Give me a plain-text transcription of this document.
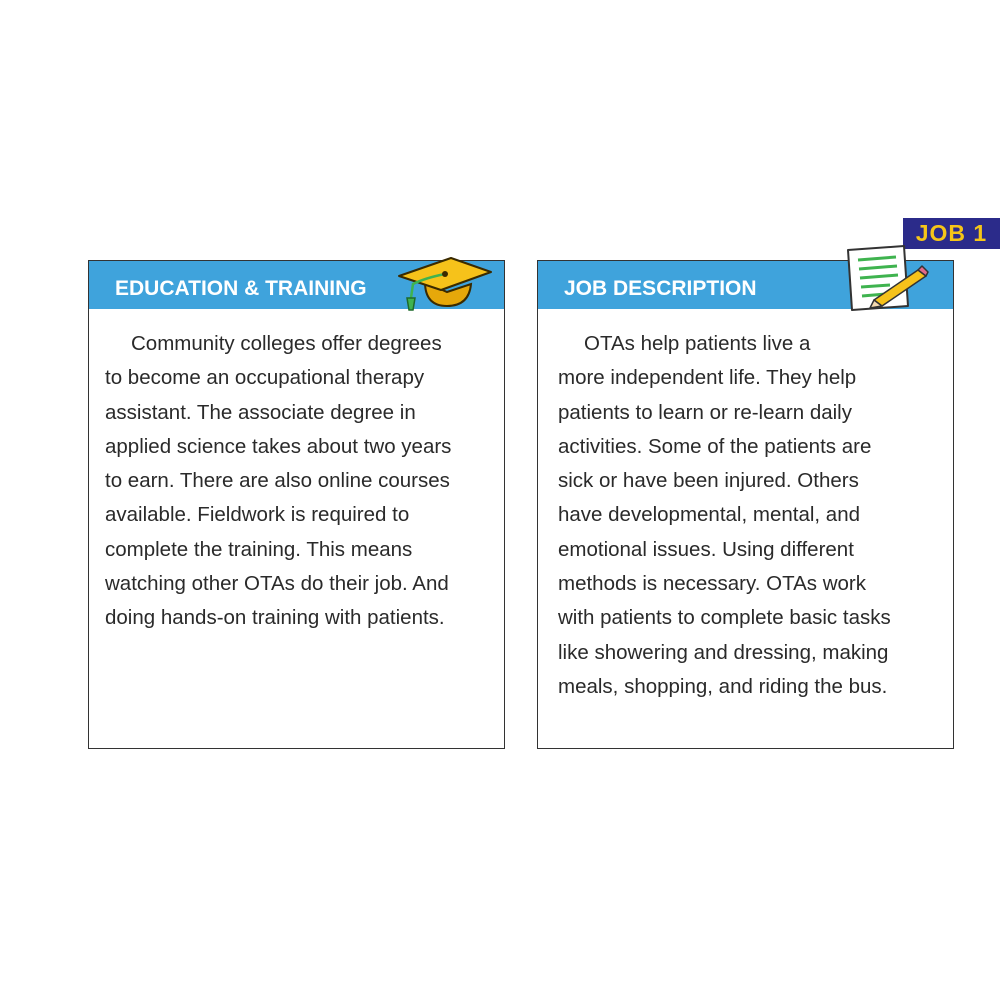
JOB 1
EDUCATION & TRAINING
Community colleges offer degrees
to become an occupational therapy
assistant. The associate degree in
applied science takes about two years
to earn. There are also online courses
available. Fieldwork is required to
complete the training. This means
watching other OTAs do their job. And
doing hands-on training with patients.
JOB DESCRIPTION
OTAs help patients live a
more independent life. They help
patients to learn or re-learn daily
activities. Some of the patients are
sick or have been injured. Others
have developmental, mental, and
emotional issues. Using different
methods is necessary. OTAs work
with patients to complete basic tasks
like showering and dressing, making
meals, shopping, and riding the bus.
